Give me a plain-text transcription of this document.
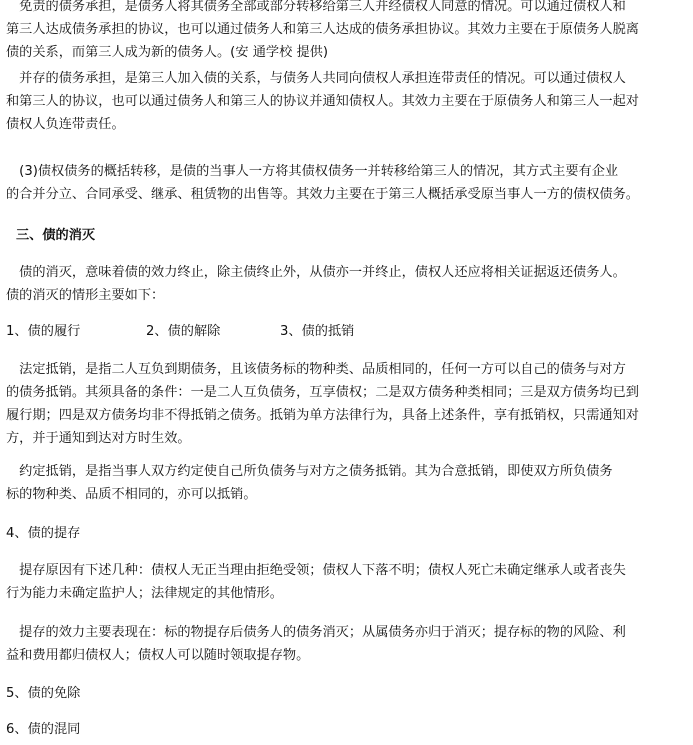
　免责的债务承担，是债务人将其债务全部或部分转移给第三人并经债权人同意的情况。可以通过债权人和
第三人达成债务承担的协议，也可以通过债务人和第三人达成的债务承担协议。其效力主要在于原债务人脱离
债的关系，而第三人成为新的债务人。(安 通学校 提供)
　并存的债务承担，是第三人加入债的关系，与债务人共同向债权人承担连带责任的情况。可以通过债权人
和第三人的协议，也可以通过债务人和第三人的协议并通知债权人。其效力主要在于原债务人和第三人一起对
债权人负连带责任。
　(3)债权债务的概括转移，是债的当事人一方将其债权债务一并转移给第三人的情况，其方式主要有企业
的合并分立、合同承受、继承、租赁物的出售等。其效力主要在于第三人概括承受原当事人一方的债权债务。
三、债的消灭
　债的消灭，意味着债的效力终止，除主债终止外，从债亦一并终止，债权人还应将相关证据返还债务人。
债的消灭的情形主要如下：
1、债的履行	2、债的解除	3、债的抵销
　法定抵销，是指二人互负到期债务，且该债务标的物种类、品质相同的，任何一方可以自己的债务与对方
的债务抵销。其须具备的条件：一是二人互负债务，互享债权；二是双方债务种类相同；三是双方债务均已到
履行期；四是双方债务均非不得抵销之债务。抵销为单方法律行为，具备上述条件，享有抵销权，只需通知对
方，并于通知到达对方时生效。
　约定抵销，是指当事人双方约定使自己所负债务与对方之债务抵销。其为合意抵销，即使双方所负债务
标的物种类、品质不相同的，亦可以抵销。
4、债的提存
　提存原因有下述几种：债权人无正当理由拒绝受领；债权人下落不明；债权人死亡未确定继承人或者丧失
行为能力未确定监护人；法律规定的其他情形。
　提存的效力主要表现在：标的物提存后债务人的债务消灭；从属债务亦归于消灭；提存标的物的风险、利
益和费用都归债权人；债权人可以随时领取提存物。
5、债的免除
6、债的混同
